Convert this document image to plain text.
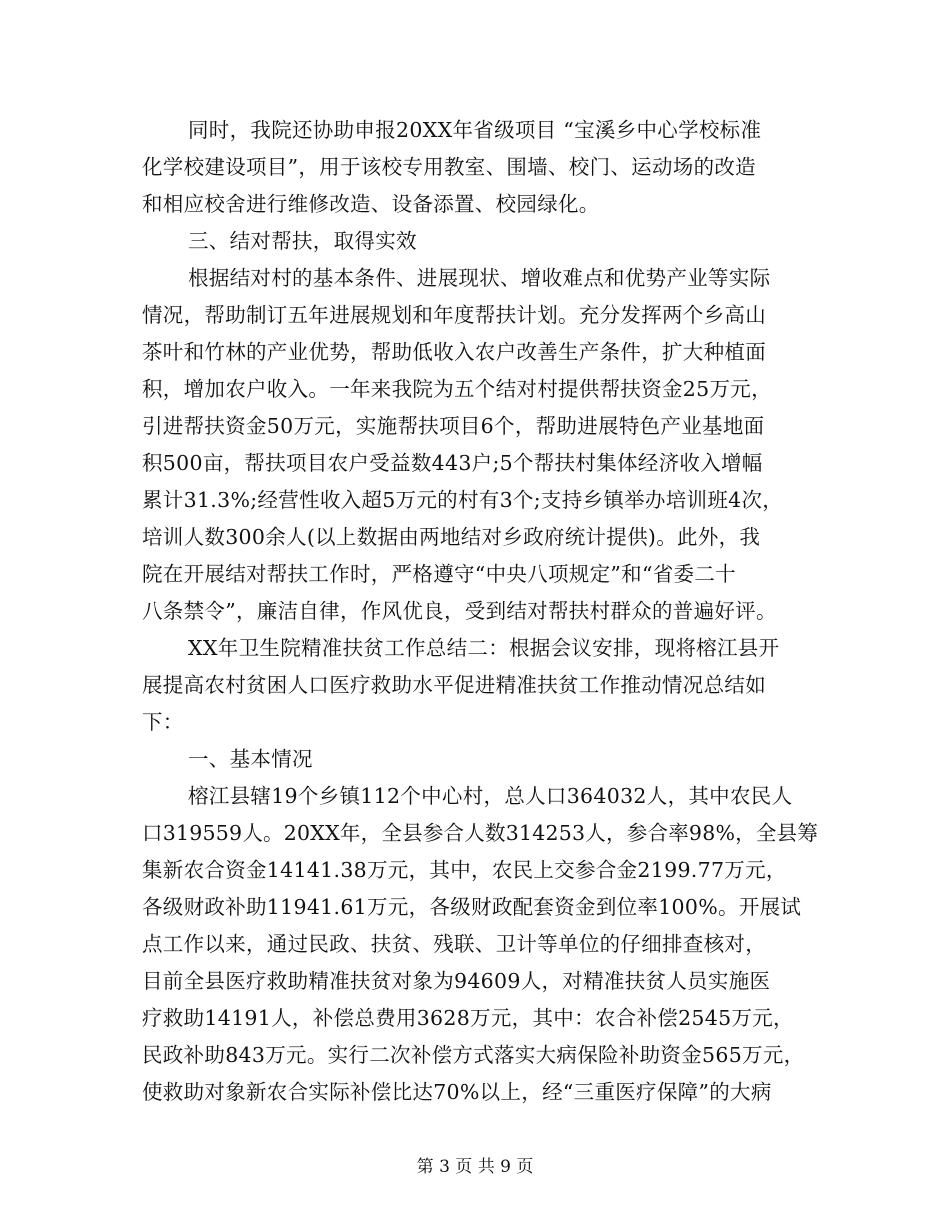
同时，我院还协助申报20XX年省级项目 “宝溪乡中心学校标准
化学校建设项目”，用于该校专用教室、围墙、校门、运动场的改造
和相应校舍进行维修改造、设备添置、校园绿化。
三、结对帮扶，取得实效
根据结对村的基本条件、进展现状、增收难点和优势产业等实际
情况，帮助制订五年进展规划和年度帮扶计划。充分发挥两个乡高山
茶叶和竹林的产业优势，帮助低收入农户改善生产条件，扩大种植面
积，增加农户收入。一年来我院为五个结对村提供帮扶资金25万元，
引进帮扶资金50万元，实施帮扶项目6个，帮助进展特色产业基地面
积500亩，帮扶项目农户受益数443户;5个帮扶村集体经济收入增幅
累计31.3%;经营性收入超5万元的村有3个;支持乡镇举办培训班4次，
培训人数300余人(以上数据由两地结对乡政府统计提供)。此外，我
院在开展结对帮扶工作时，严格遵守“中央八项规定”和“省委二十
八条禁令”，廉洁自律，作风优良，受到结对帮扶村群众的普遍好评。
XX年卫生院精准扶贫工作总结二：根据会议安排，现将榕江县开
展提高农村贫困人口医疗救助水平促进精准扶贫工作推动情况总结如
下：
一、基本情况
榕江县辖19个乡镇112个中心村，总人口364032人，其中农民人
口319559人。20XX年，全县参合人数314253人，参合率98%，全县筹
集新农合资金14141.38万元，其中，农民上交参合金2199.77万元，
各级财政补助11941.61万元，各级财政配套资金到位率100%。开展试
点工作以来，通过民政、扶贫、残联、卫计等单位的仔细排查核对，
目前全县医疗救助精准扶贫对象为94609人，对精准扶贫人员实施医
疗救助14191人，补偿总费用3628万元，其中：农合补偿2545万元，
民政补助843万元。实行二次补偿方式落实大病保险补助资金565万元，
使救助对象新农合实际补偿比达70%以上，经“三重医疗保障”的大病
第 3 页 共 9 页
